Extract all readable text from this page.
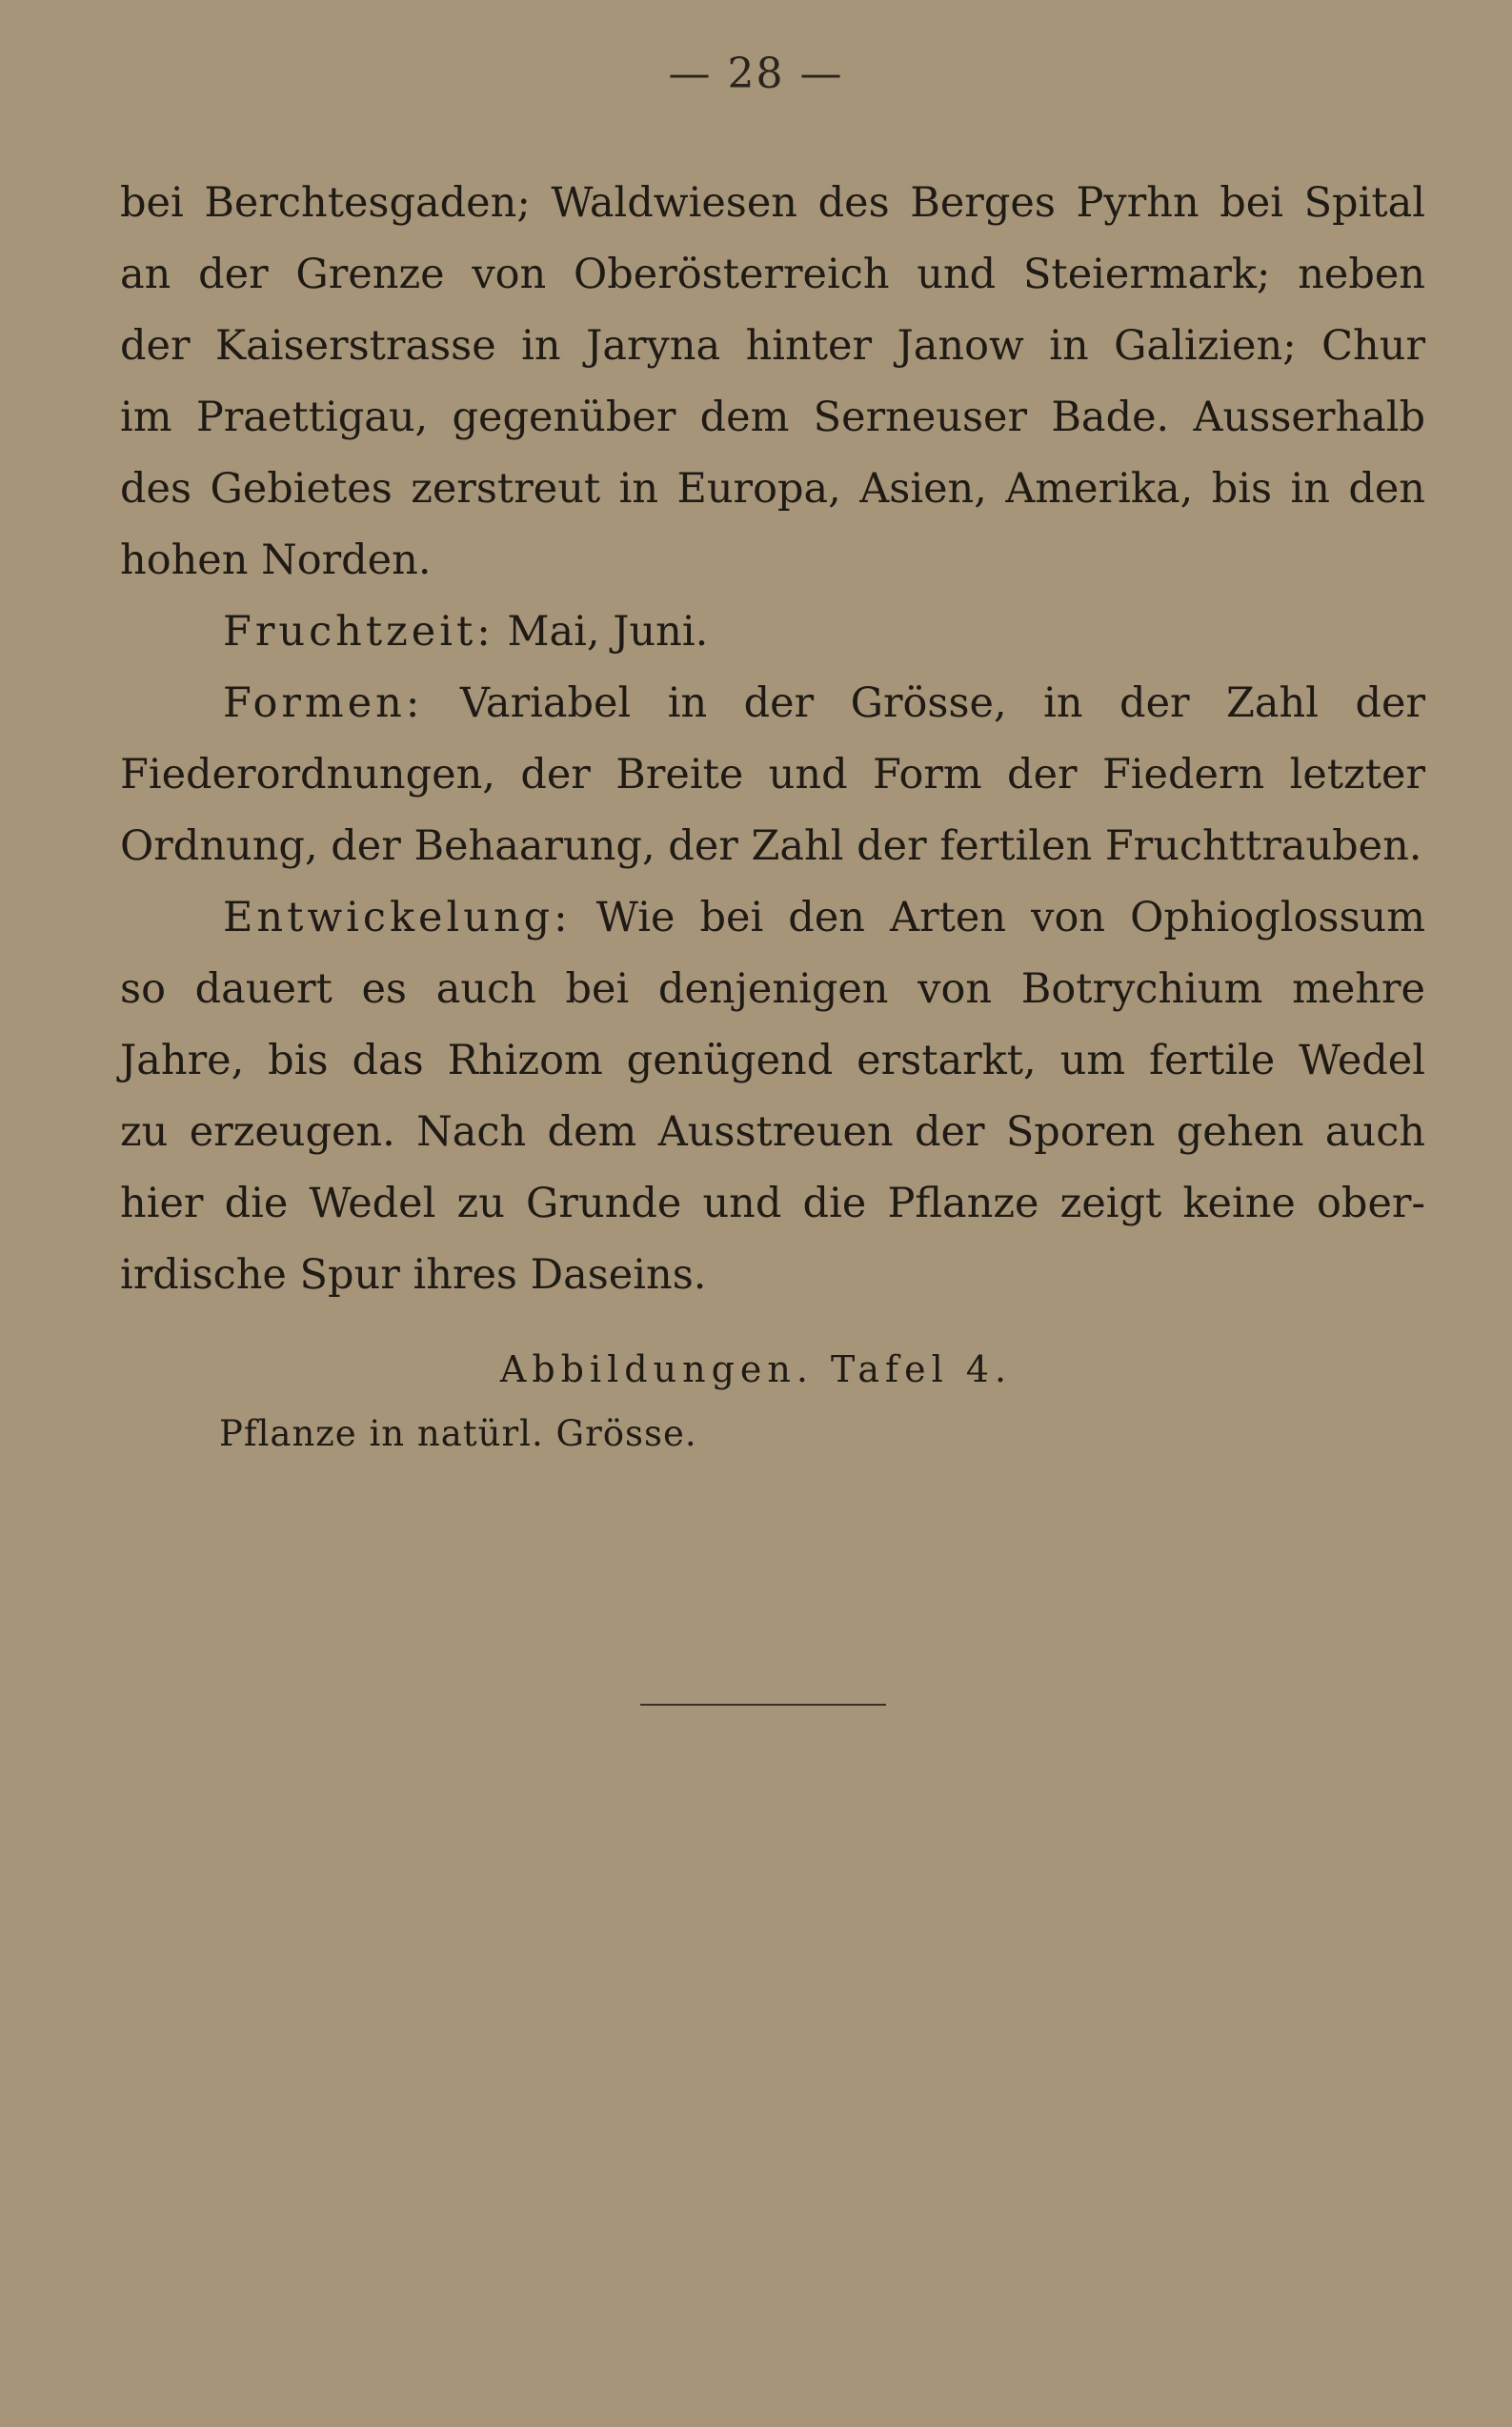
— 28 —
bei Berchtesgaden; Waldwiesen des Berges Pyrhn bei Spital
an der Grenze von Oberösterreich und Steiermark; neben
der Kaiserstrasse in Jaryna hinter Janow in Galizien; Chur
im Praettigau, gegenüber dem Serneuser Bade. Ausserhalb
des Gebietes zerstreut in Europa, Asien, Amerika, bis in den
hohen Norden.
Fruchtzeit: Mai, Juni.
Formen: Variabel in der Grösse, in der Zahl der
Fiederordnungen, der Breite und Form der Fiedern letzter
Ordnung, der Behaarung, der Zahl der fertilen Fruchttrauben.
Entwickelung: Wie bei den Arten von Ophioglossum
so dauert es auch bei denjenigen von Botrychium mehre
Jahre, bis das Rhizom genügend erstarkt, um fertile Wedel
zu erzeugen. Nach dem Ausstreuen der Sporen gehen auch
hier die Wedel zu Grunde und die Pflanze zeigt keine ober-
irdische Spur ihres Daseins.
Abbildungen. Tafel 4.
Pflanze in natürl. Grösse.
